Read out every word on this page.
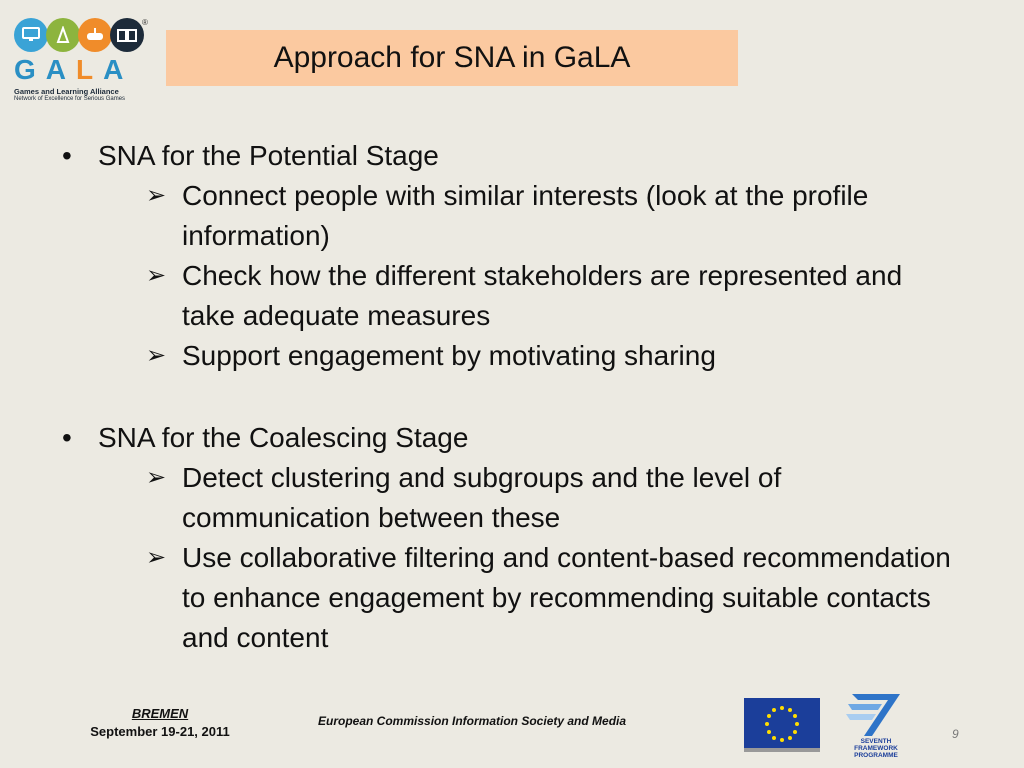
®
GALA
Games and Learning Alliance
Network of Excellence for Serious Games
Approach for SNA in GaLA
• SNA for the Potential Stage
➢ Connect people with similar interests (look at the profile information)
➢ Check how the different stakeholders are represented and take adequate measures
➢ Support engagement by motivating sharing
• SNA for the Coalescing Stage
➢ Detect clustering and subgroups and the level of communication between these
➢ Use collaborative filtering and content-based recommendation to enhance engagement by recommending suitable contacts and content
BREMEN
September 19-21, 2011
European Commission Information Society and Media
SEVENTH FRAMEWORK
PROGRAMME
9
